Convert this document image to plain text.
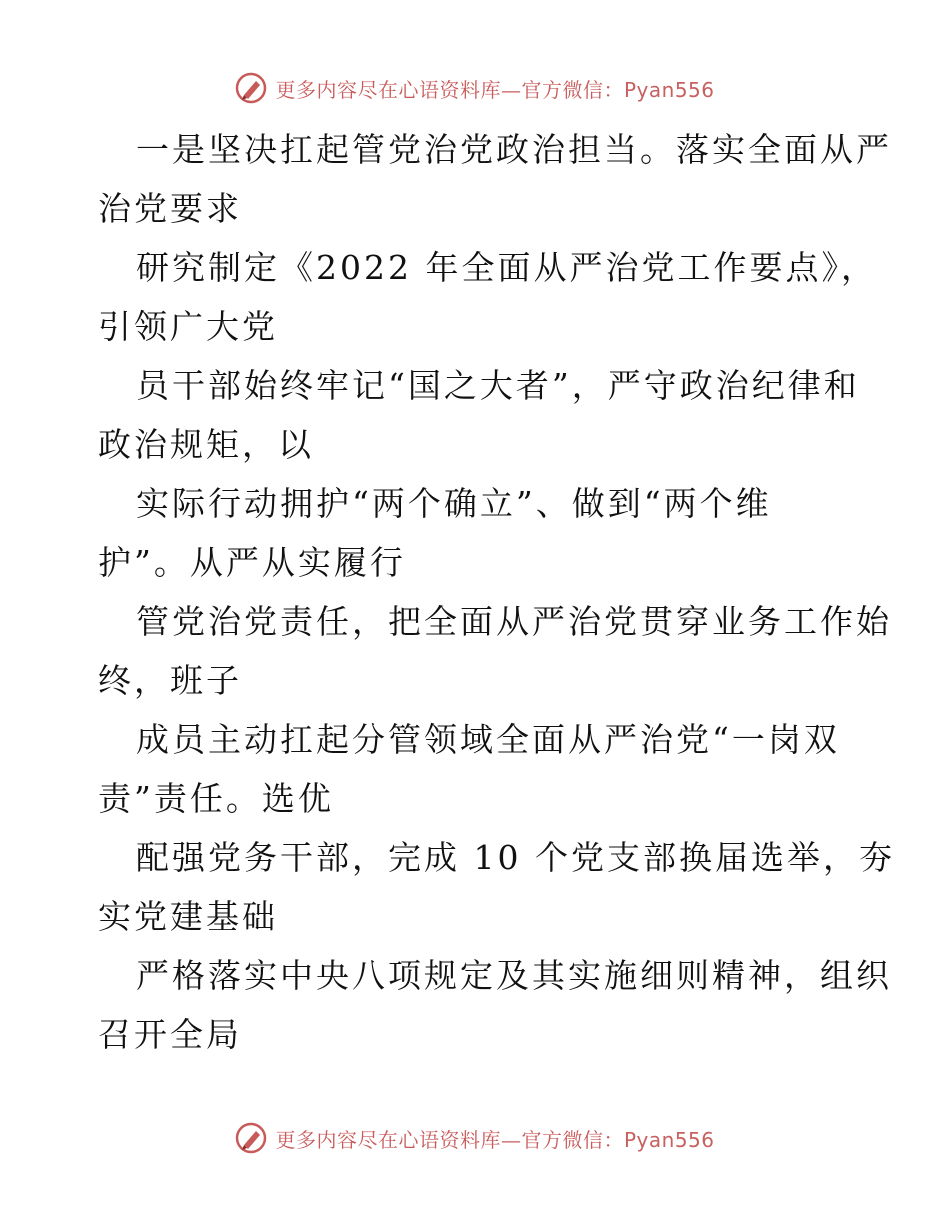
更多内容尽在心语资料库—官方微信：Pyan556

一是坚决扛起管党治党政治担当。落实全面从严
治党要求

研究制定《2022 年全面从严治党工作要点》，
引领广大党

员干部始终牢记“国之大者”，严守政治纪律和
政治规矩，以

实际行动拥护“两个确立”、做到“两个维
护”。从严从实履行

管党治党责任，把全面从严治党贯穿业务工作始
终，班子

成员主动扛起分管领域全面从严治党“一岗双
责”责任。选优

配强党务干部，完成 10 个党支部换届选举，夯
实党建基础

严格落实中央八项规定及其实施细则精神，组织
召开全局

更多内容尽在心语资料库—官方微信：Pyan556
